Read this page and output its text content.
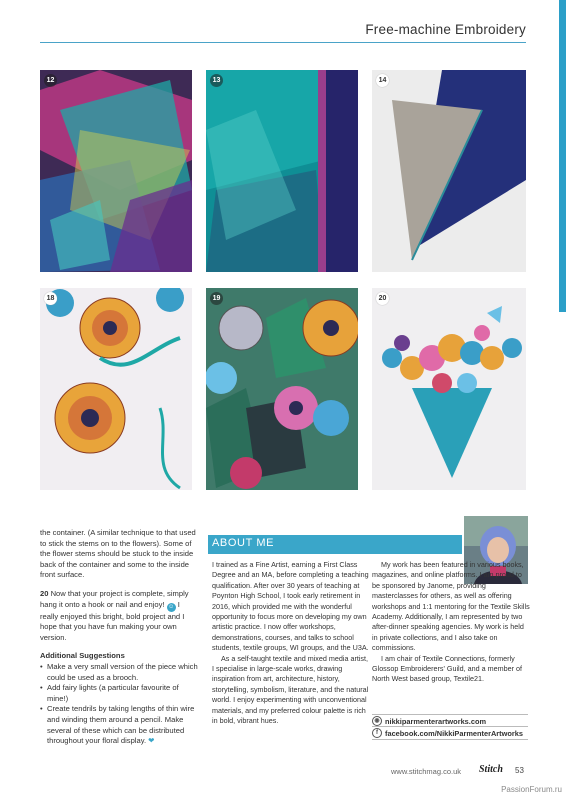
Free-machine Embroidery
12	13	14
18	19	20

the container. (A similar technique to that used to stick the stems on to the flowers). Some of the flower stems should be stuck to the inside back of the container and some to the inside front surface.

20 Now that your project is complete, simply hang it onto a hook or nail and enjoy! ☺ I really enjoyed this bright, bold project and I hope that you have fun making your own version.

Additional Suggestions
• Make a very small version of the piece which could be used as a brooch.
• Add fairy lights (a particular favourite of mine!)
• Create tendrils by taking lengths of thin wire and winding them around a pencil. Make several of these which can be distributed throughout your floral display. ❤
ABOUT ME

I trained as a Fine Artist, earning a First Class Degree and an MA, before completing a teaching qualification. After over 30 years of teaching at Poynton High School, I took early retirement in 2016, which provided me with the wonderful opportunity to focus more on developing my own artistic practice. I now offer workshops, demonstrations, courses, and talks to school students, textile groups, WI groups, and the U3A.

As a self-taught textile and mixed media artist, I specialise in large-scale works, drawing inspiration from art, architecture, history, storytelling, symbolism, literature, and the natural world. I enjoy experimenting with unconventional materials, and my preferred colour palette is rich in bold, vibrant hues.

My work has been featured in various books, magazines, and online platforms. I am proud to be sponsored by Janome, providing masterclasses for others, as well as offering workshops and 1:1 mentoring for the Textile Skills Academy. Additionally, I am represented by two after-dinner speaking agencies. My work is held in private collections, and I also take on commissions.

I am chair of Textile Connections, formerly Glossop Embroiderers' Guild, and a member of North West based group, Textile21.

◉ nikkiparmenterartworks.com
f facebook.com/NikkiParmenterArtworks
www.stitchmag.co.uk Stitch 53
PassionForum.ru
